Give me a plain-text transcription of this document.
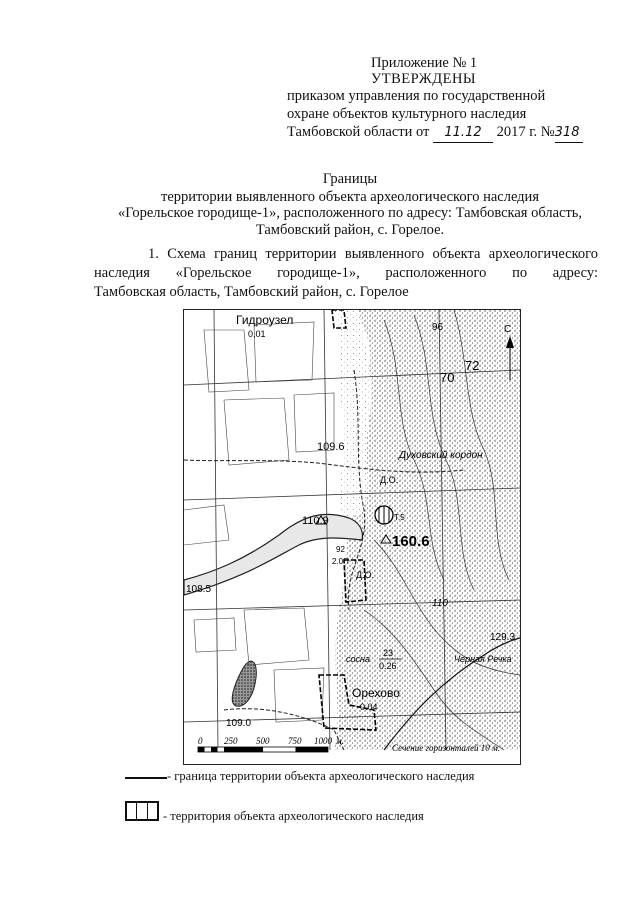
Приложение № 1
УТВЕРЖДЕНЫ
приказом управления по государственной
охране объектов культурного наследия
Тамбовской области от 11.12 2017 г. №318
Границы
территории выявленного объекта археологического наследия
«Горельское городище-1», расположенного по адресу: Тамбовская область,
Тамбовский район, с. Горелое.
1. Схема границ территории выявленного объекта археологического
наследия «Горельское городище-1», расположенного по адресу:
Тамбовская область, Тамбовский район, с. Горелое
Гидроузел
0,01
109.6
110.9
160.6
108.5
109.0
Духовский кордон
Орехово
0.04
96
70
72
110
129.3
сосна
23
0.26
Черная Речка
С
Д.О.
Д.О.
Т.5
92
2.0П
0 250 500 750 1000 м.
Сечение горизонталей 10 м.
- граница территории объекта археологического наследия
- территория объекта археологического наследия
